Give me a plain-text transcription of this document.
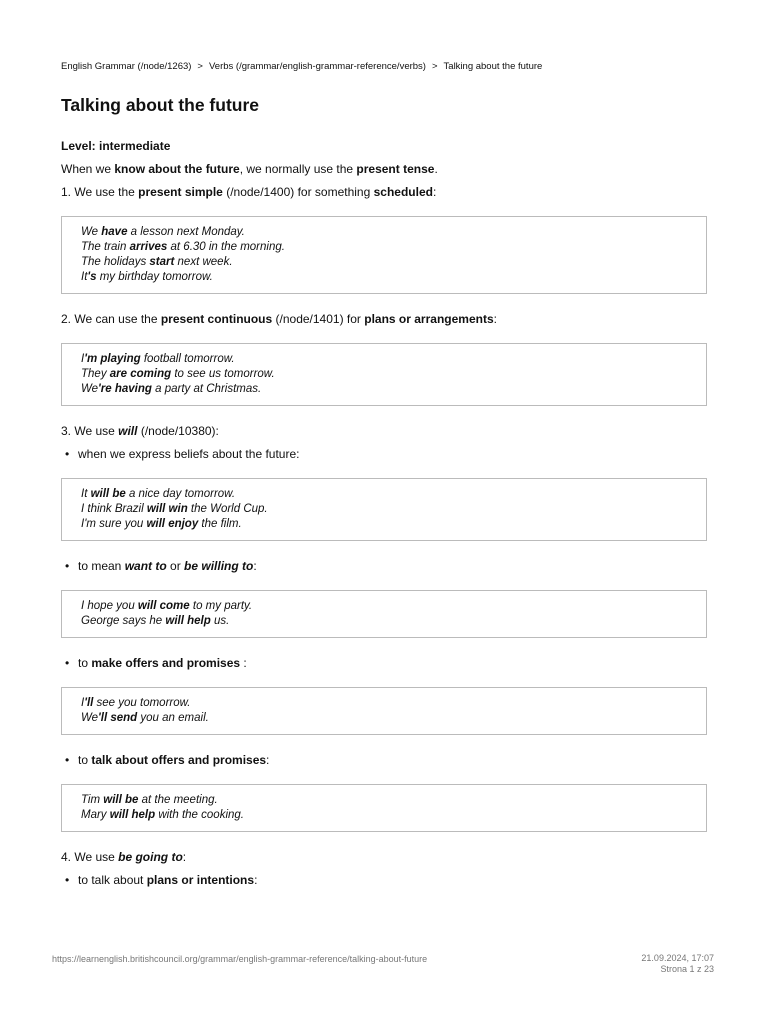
English Grammar (/node/1263) > Verbs (/grammar/english-grammar-reference/verbs) > Talking about the future
Talking about the future
Level: intermediate

When we know about the future, we normally use the present tense.

1. We use the present simple (/node/1400) for something scheduled:
We have a lesson next Monday.
The train arrives at 6.30 in the morning.
The holidays start next week.
It's my birthday tomorrow.
2. We can use the present continuous (/node/1401) for plans or arrangements:
I'm playing football tomorrow.
They are coming to see us tomorrow.
We're having a party at Christmas.
3. We use will (/node/10380):
• when we express beliefs about the future:
It will be a nice day tomorrow.
I think Brazil will win the World Cup.
I'm sure you will enjoy the film.
• to mean want to or be willing to:
I hope you will come to my party.
George says he will help us.
• to make offers and promises :
I'll see you tomorrow.
We'll send you an email.
• to talk about offers and promises:
Tim will be at the meeting.
Mary will help with the cooking.
4. We use be going to:
• to talk about plans or intentions:
https://learnenglish.britishcouncil.org/grammar/english-grammar-reference/talking-about-future	21.09.2024, 17:07
Strona 1 z 23
